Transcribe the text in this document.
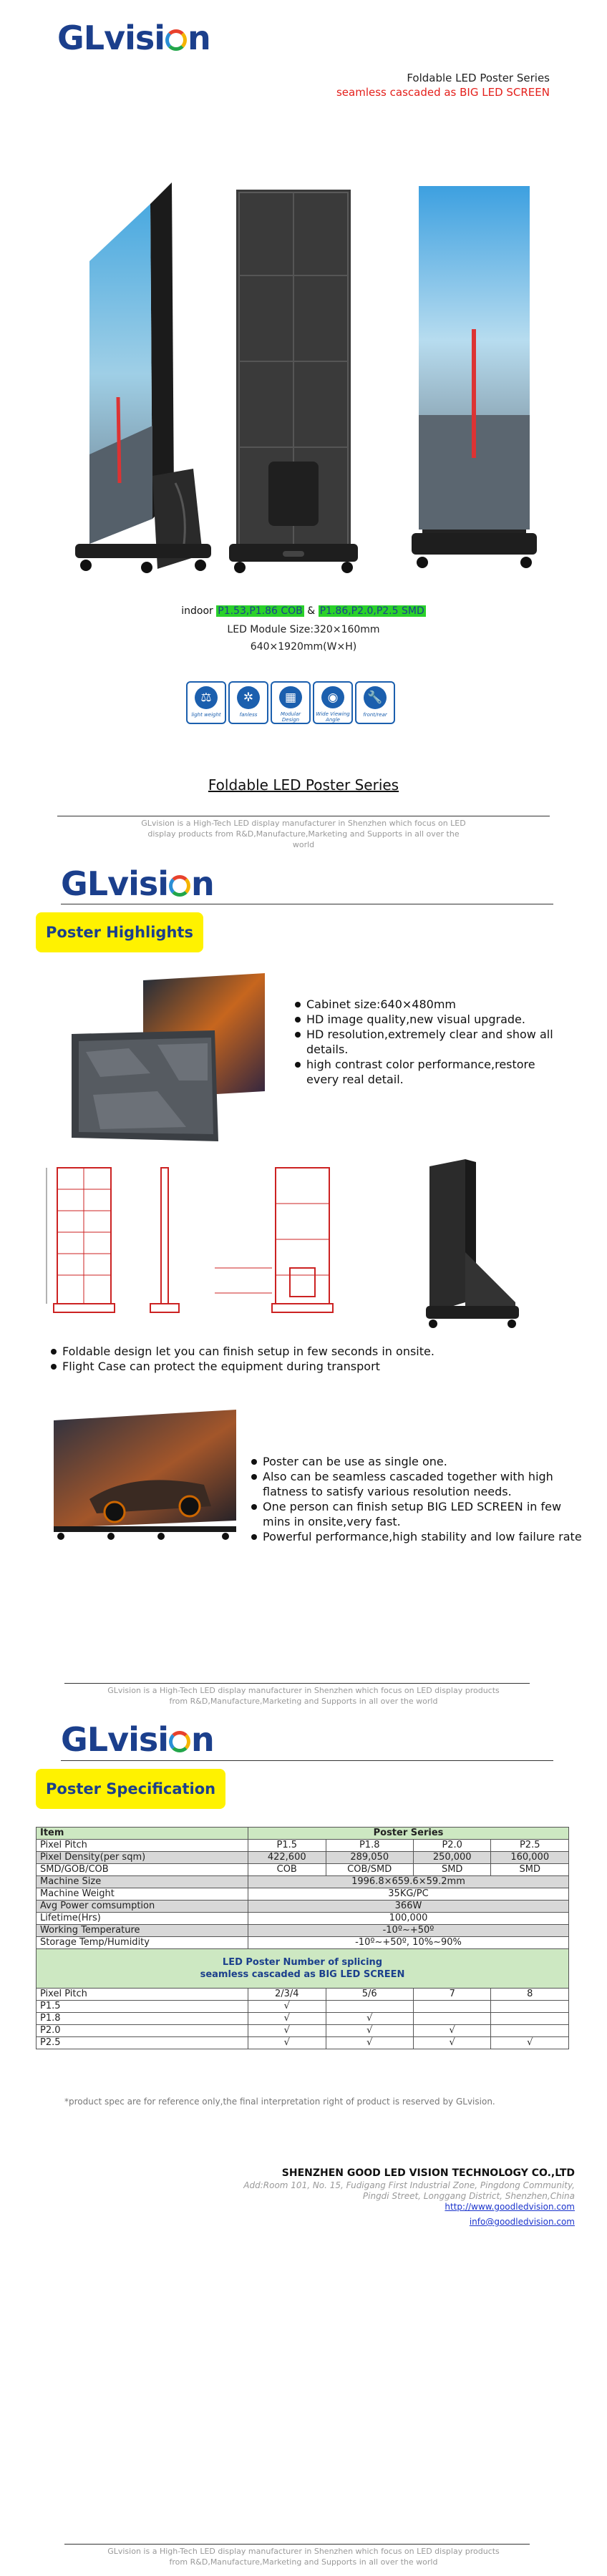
GLvisi n
Foldable LED Poster Series
seamless cascaded as BIG LED SCREEN
indoor P1.53,P1.86 COB & P1.86,P2.0,P2.5 SMD
LED Module Size:320×160mm
640×1920mm(W×H)
⚖
light weight
✲
fanless
▦
Modular Design
◉
Wide Viewing Angle
🔧
front/rear
Foldable LED Poster Series
GLvision is a High-Tech LED display manufacturer in Shenzhen which focus on LED
display products from R&D,Manufacture,Marketing and Supports in all over the
world
GLvisi n
Poster Highlights
Cabinet size:640×480mm
HD image quality,new visual upgrade.
HD resolution,extremely clear and show all details.
high contrast color performance,restore every real detail.
Foldable design let you can finish setup in few seconds in onsite.
Flight Case can protect the equipment during transport
Poster can be use as single one.
Also can be seamless cascaded together with high flatness to satisfy various resolution needs.
One person can finish setup BIG LED SCREEN in few mins in onsite,very fast.
Powerful performance,high stability and low failure rate
GLvision is a High-Tech LED display manufacturer in Shenzhen which focus on LED display products
from R&D,Manufacture,Marketing and Supports in all over the world
GLvisi n
Poster Specification
Item	Poster Series			
Pixel Pitch	P1.5	P1.8	P2.0	P2.5
Pixel Density(per sqm)	422,600	289,050	250,000	160,000
SMD/GOB/COB	COB	COB/SMD	SMD	SMD
Machine Size	1996.8×659.6×59.2mm			
Machine Weight	35KG/PC			
Avg Power comsumption	366W			
Lifetime(Hrs)	100,000			
Working Temperature	-10º~+50º			
Storage Temp/Humidity	-10º~+50º, 10%~90%			

LED Poster Number of splicing
seamless cascaded as BIG LED SCREEN				

Pixel Pitch	2/3/4	5/6	7	8
P1.5	√			
P1.8	√	√		
P2.0	√	√	√	
P2.5	√	√	√	√
*product spec are for reference only,the final interpretation right of product is reserved by GLvision.
SHENZHEN GOOD LED VISION TECHNOLOGY CO.,LTD
Add:Room 101, No. 15, Fudigang First Industrial Zone, Pingdong Community,
Pingdi Street, Longgang District, Shenzhen,China
http://www.goodledvision.com
info@goodledvision.com
GLvision is a High-Tech LED display manufacturer in Shenzhen which focus on LED display products
from R&D,Manufacture,Marketing and Supports in all over the world
